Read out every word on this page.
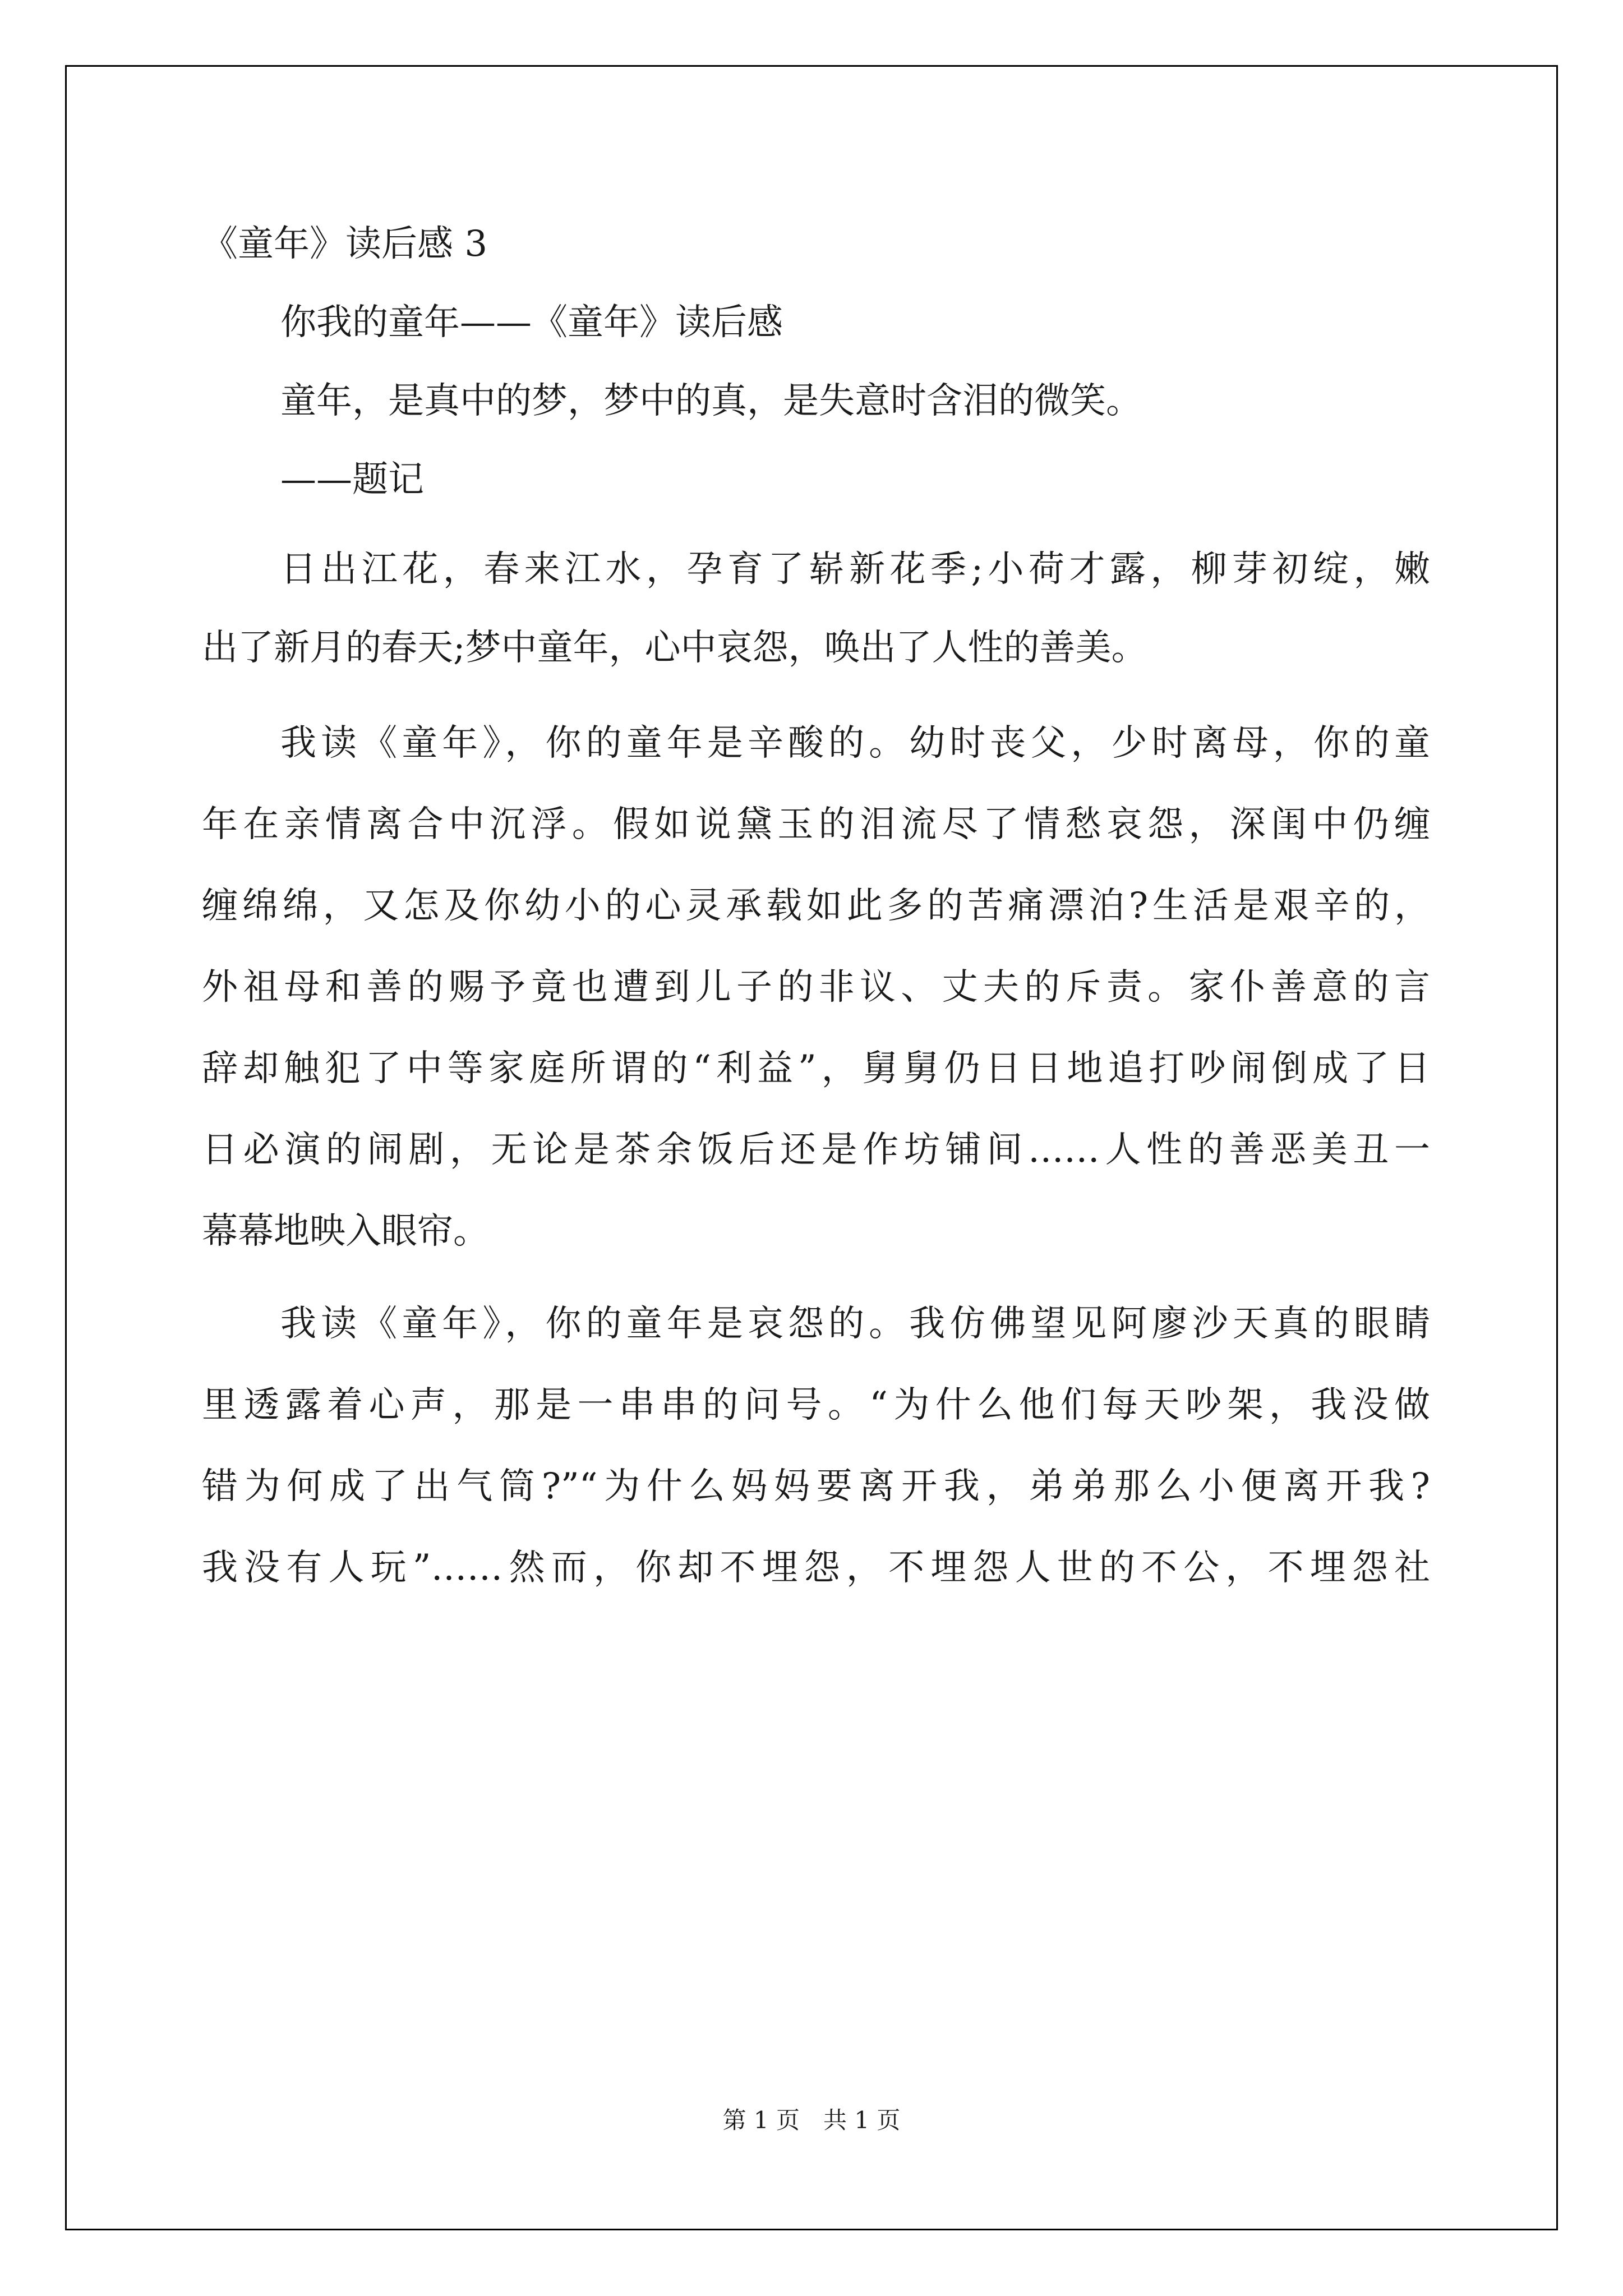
《童年》读后感 3
你我的童年——《童年》读后感
童年，是真中的梦，梦中的真，是失意时含泪的微笑。
——题记
日出江花，春来江水，孕育了崭新花季;小荷才露，柳芽初绽，嫩
出了新月的春天;梦中童年，心中哀怨，唤出了人性的善美。
我读《童年》，你的童年是辛酸的。幼时丧父，少时离母，你的童
年在亲情离合中沉浮。假如说黛玉的泪流尽了情愁哀怨，深闺中仍缠
缠绵绵，又怎及你幼小的心灵承载如此多的苦痛漂泊?生活是艰辛的，
外祖母和善的赐予竟也遭到儿子的非议、丈夫的斥责。家仆善意的言
辞却触犯了中等家庭所谓的“利益”，舅舅仍日日地追打吵闹倒成了日
日必演的闹剧，无论是茶余饭后还是作坊铺间……人性的善恶美丑一
幕幕地映入眼帘。
我读《童年》，你的童年是哀怨的。我仿佛望见阿廖沙天真的眼睛
里透露着心声，那是一串串的问号。“为什么他们每天吵架，我没做
错为何成了出气筒?”“为什么妈妈要离开我，弟弟那么小便离开我?
我没有人玩”……然而，你却不埋怨，不埋怨人世的不公，不埋怨社
第 1 页　共 1 页
